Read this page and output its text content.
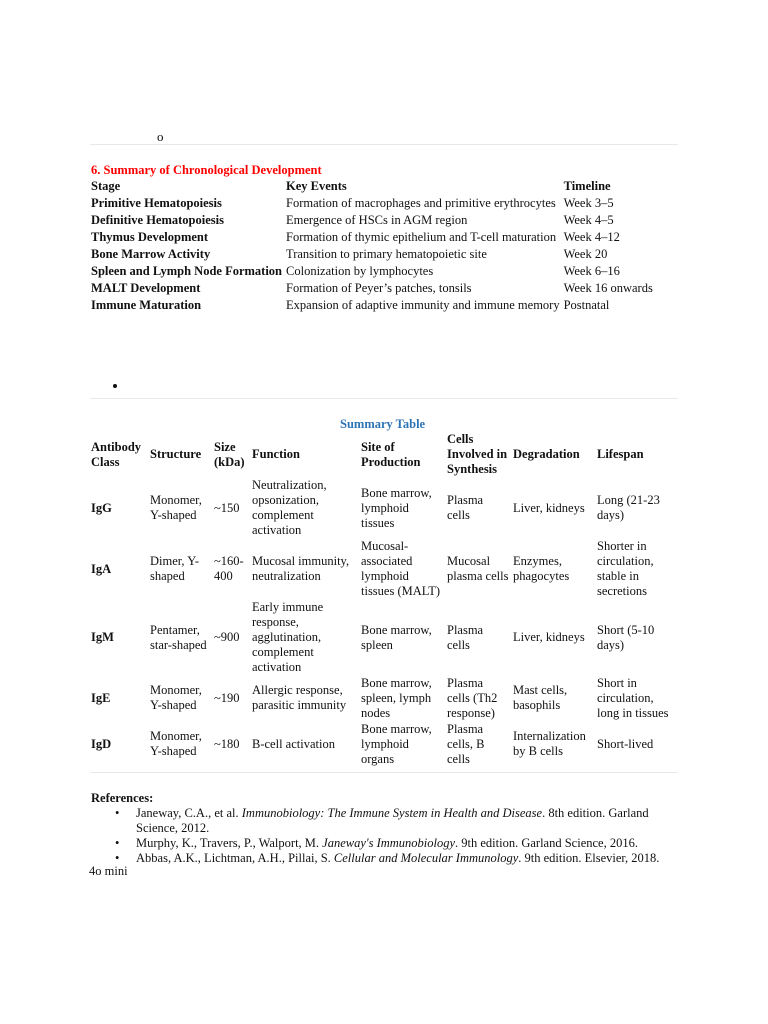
o
6. Summary of Chronological Development
Stage	Key Events	Timeline
Primitive Hematopoiesis	Formation of macrophages and primitive erythrocytes	Week 3–5
Definitive Hematopoiesis	Emergence of HSCs in AGM region	Week 4–5
Thymus Development	Formation of thymic epithelium and T-cell maturation	Week 4–12
Bone Marrow Activity	Transition to primary hematopoietic site	Week 20
Spleen and Lymph Node Formation	Colonization by lymphocytes	Week 6–16
MALT Development	Formation of Peyer’s patches, tonsils	Week 16 onwards
Immune Maturation	Expansion of adaptive immunity and immune memory	Postnatal
Summary Table
Antibody Class	Structure	Size (kDa)	Function	Site of Production	Cells Involved in Synthesis	Degradation	Lifespan
IgG	Monomer, Y-shaped	~150	Neutralization, opsonization, complement activation	Bone marrow, lymphoid tissues	Plasma cells	Liver, kidneys	Long (21-23 days)
IgA	Dimer, Y-shaped	~160-400	Mucosal immunity, neutralization	Mucosal-associated lymphoid tissues (MALT)	Mucosal plasma cells	Enzymes, phagocytes	Shorter in circulation, stable in secretions
IgM	Pentamer, star-shaped	~900	Early immune response, agglutination, complement activation	Bone marrow, spleen	Plasma cells	Liver, kidneys	Short (5-10 days)
IgE	Monomer, Y-shaped	~190	Allergic response, parasitic immunity	Bone marrow, spleen, lymph nodes	Plasma cells (Th2 response)	Mast cells, basophils	Short in circulation, long in tissues
IgD	Monomer, Y-shaped	~180	B-cell activation	Bone marrow, lymphoid organs	Plasma cells, B cells	Internalization by B cells	Short-lived
References:
• Janeway, C.A., et al. Immunobiology: The Immune System in Health and Disease. 8th edition. Garland Science, 2012.
• Murphy, K., Travers, P., Walport, M. Janeway's Immunobiology. 9th edition. Garland Science, 2016.
• Abbas, A.K., Lichtman, A.H., Pillai, S. Cellular and Molecular Immunology. 9th edition. Elsevier, 2018.
4o mini
